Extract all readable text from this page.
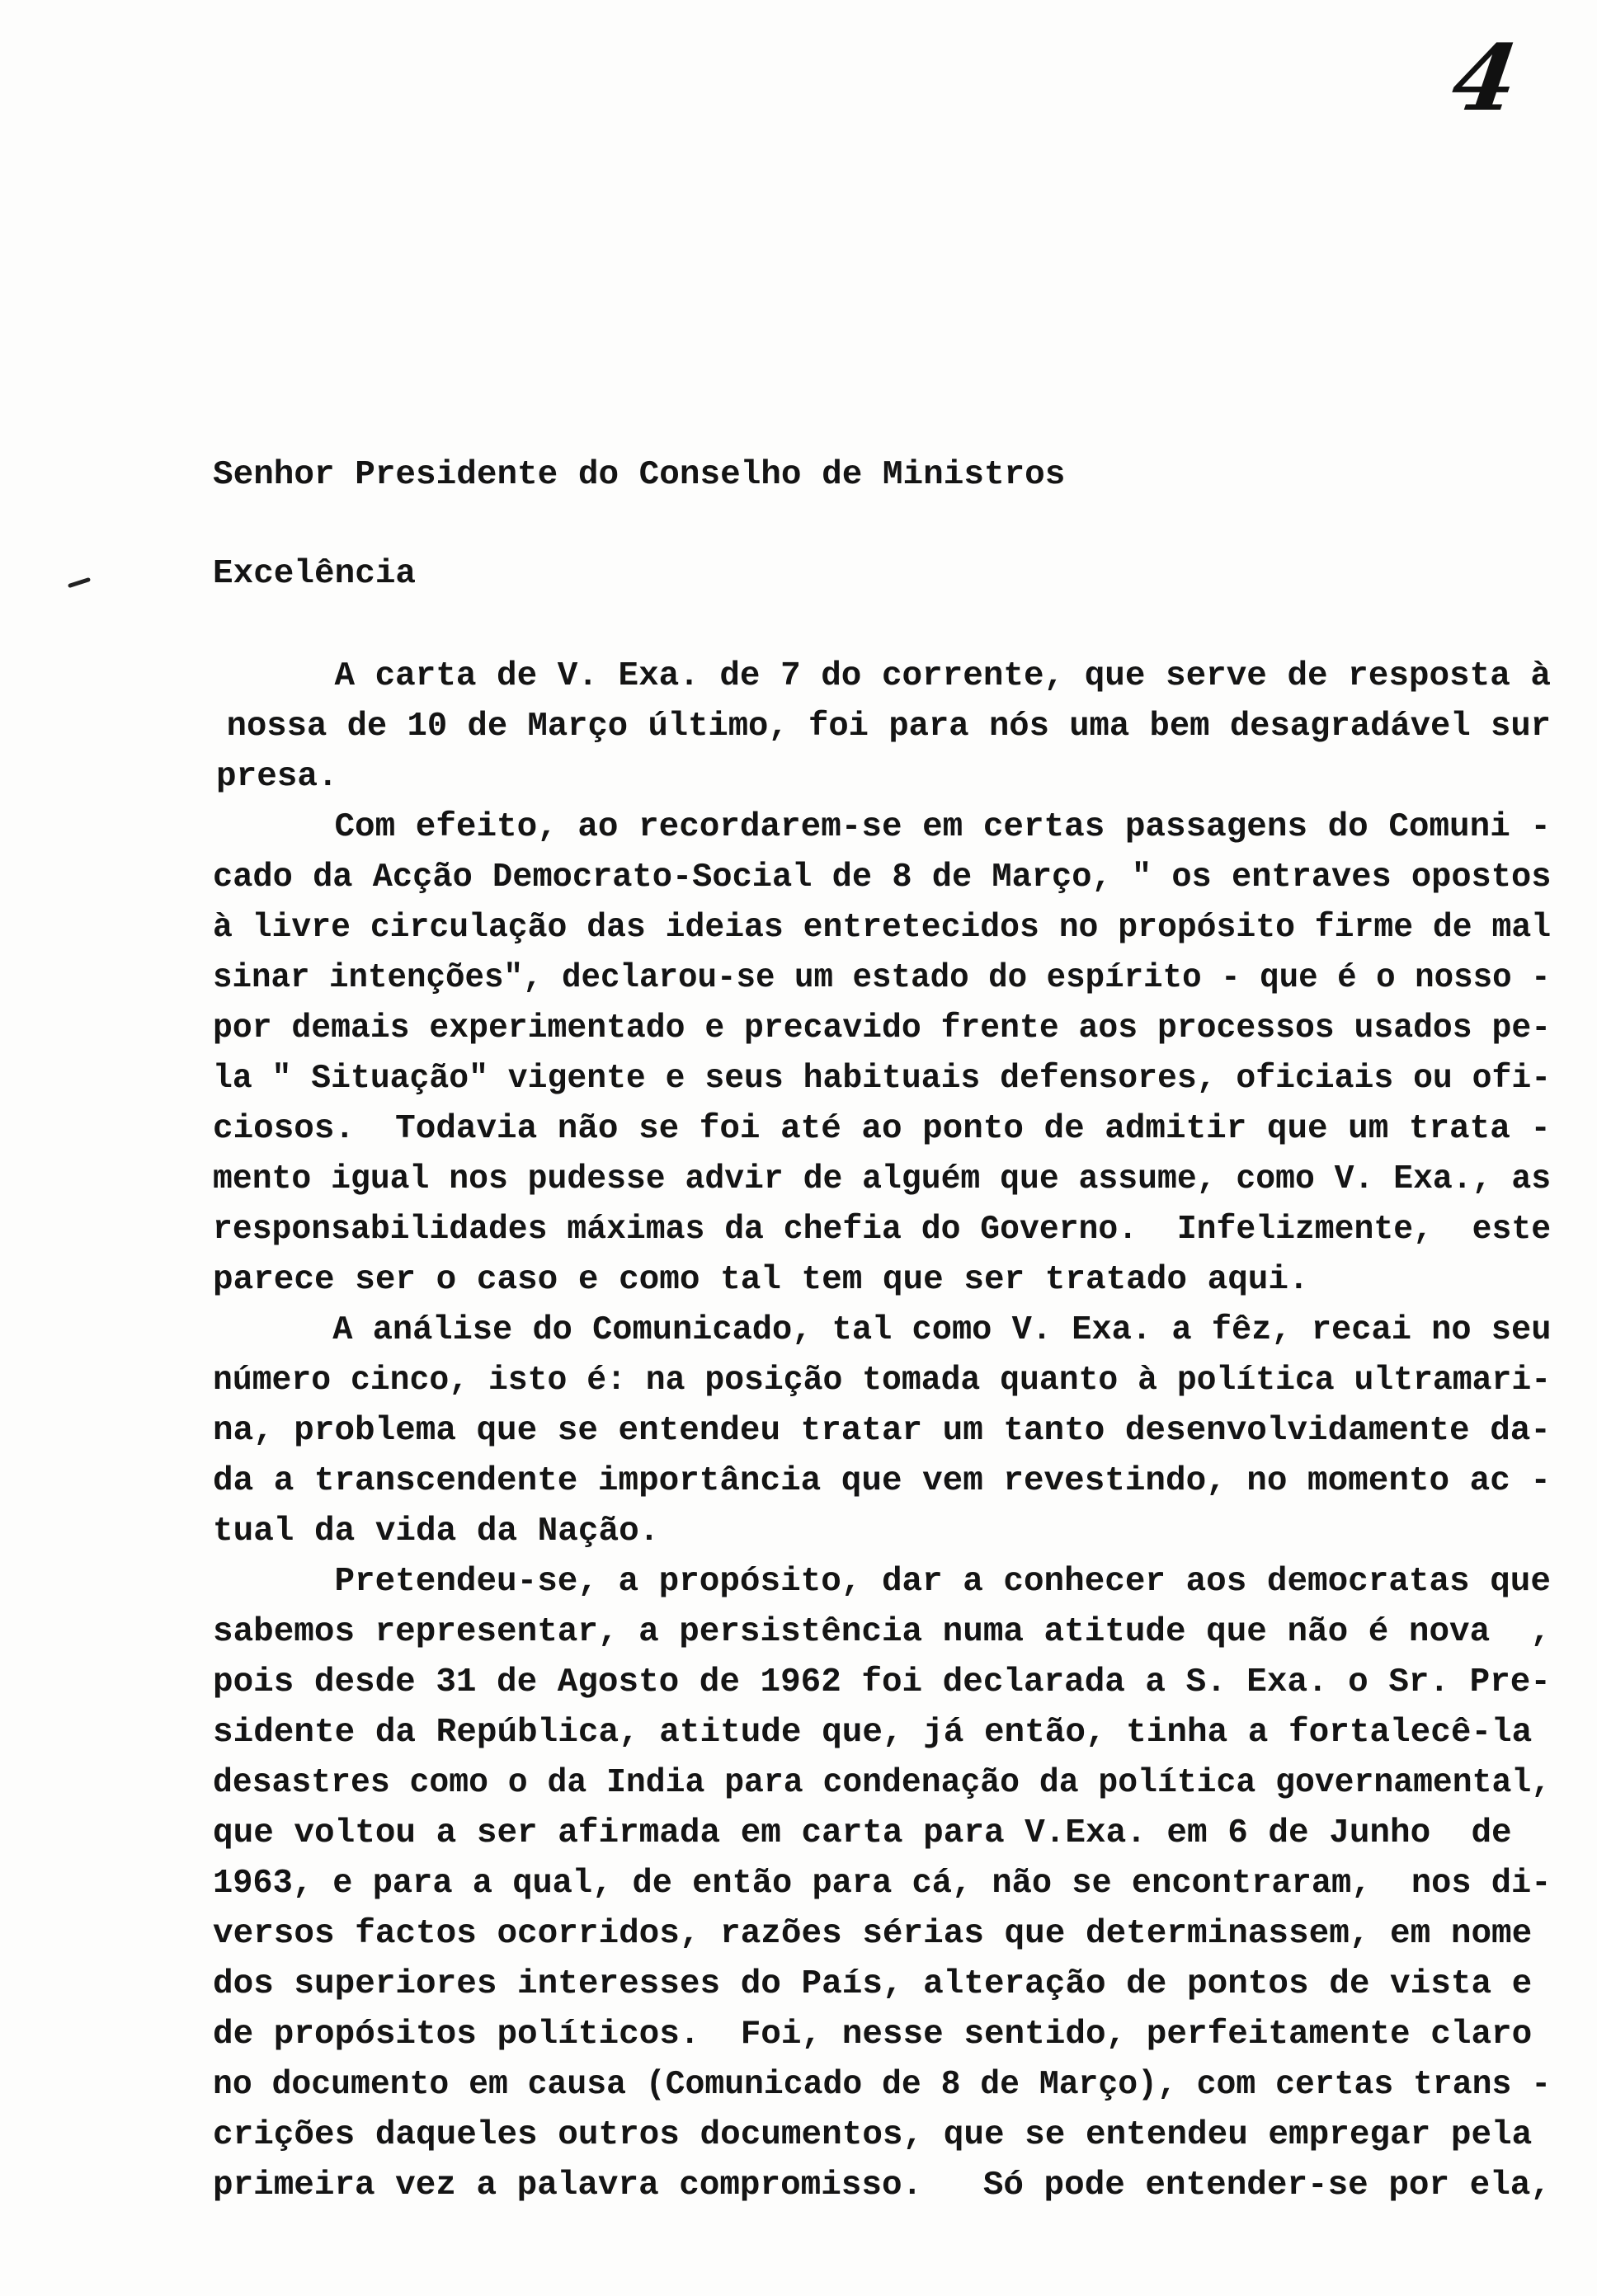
4
Senhor Presidente do Conselho de Ministros
Excelência
A carta de V. Exa. de 7 do corrente, que serve de resposta à
nossa de 10 de Março último, foi para nós uma bem desagradável sur
presa.
Com efeito, ao recordarem-se em certas passagens do Comuni -
cado da Acção Democrato-Social de 8 de Março, " os entraves opostos
à livre circulação das ideias entretecidos no propósito firme de mal
sinar intenções", declarou-se um estado do espírito - que é o nosso -
por demais experimentado e precavido frente aos processos usados pe-
la " Situação" vigente e seus habituais defensores, oficiais ou ofi-
ciosos.  Todavia não se foi até ao ponto de admitir que um trata -
mento igual nos pudesse advir de alguém que assume, como V. Exa., as
responsabilidades máximas da chefia do Governo.  Infelizmente,  este
parece ser o caso e como tal tem que ser tratado aqui.
A análise do Comunicado, tal como V. Exa. a fêz, recai no seu
número cinco, isto é: na posição tomada quanto à política ultramari-
na, problema que se entendeu tratar um tanto desenvolvidamente da-
da a transcendente importância que vem revestindo, no momento ac -
tual da vida da Nação.
Pretendeu-se, a propósito, dar a conhecer aos democratas que
sabemos representar, a persistência numa atitude que não é nova  ,
pois desde 31 de Agosto de 1962 foi declarada a S. Exa. o Sr. Pre-
sidente da República, atitude que, já então, tinha a fortalecê-la
desastres como o da India para condenação da política governamental,
que voltou a ser afirmada em carta para V.Exa. em 6 de Junho  de
1963, e para a qual, de então para cá, não se encontraram,  nos di-
versos factos ocorridos, razões sérias que determinassem, em nome
dos superiores interesses do País, alteração de pontos de vista e
de propósitos políticos.  Foi, nesse sentido, perfeitamente claro
no documento em causa (Comunicado de 8 de Março), com certas trans -
crições daqueles outros documentos, que se entendeu empregar pela
primeira vez a palavra compromisso.   Só pode entender-se por ela,
